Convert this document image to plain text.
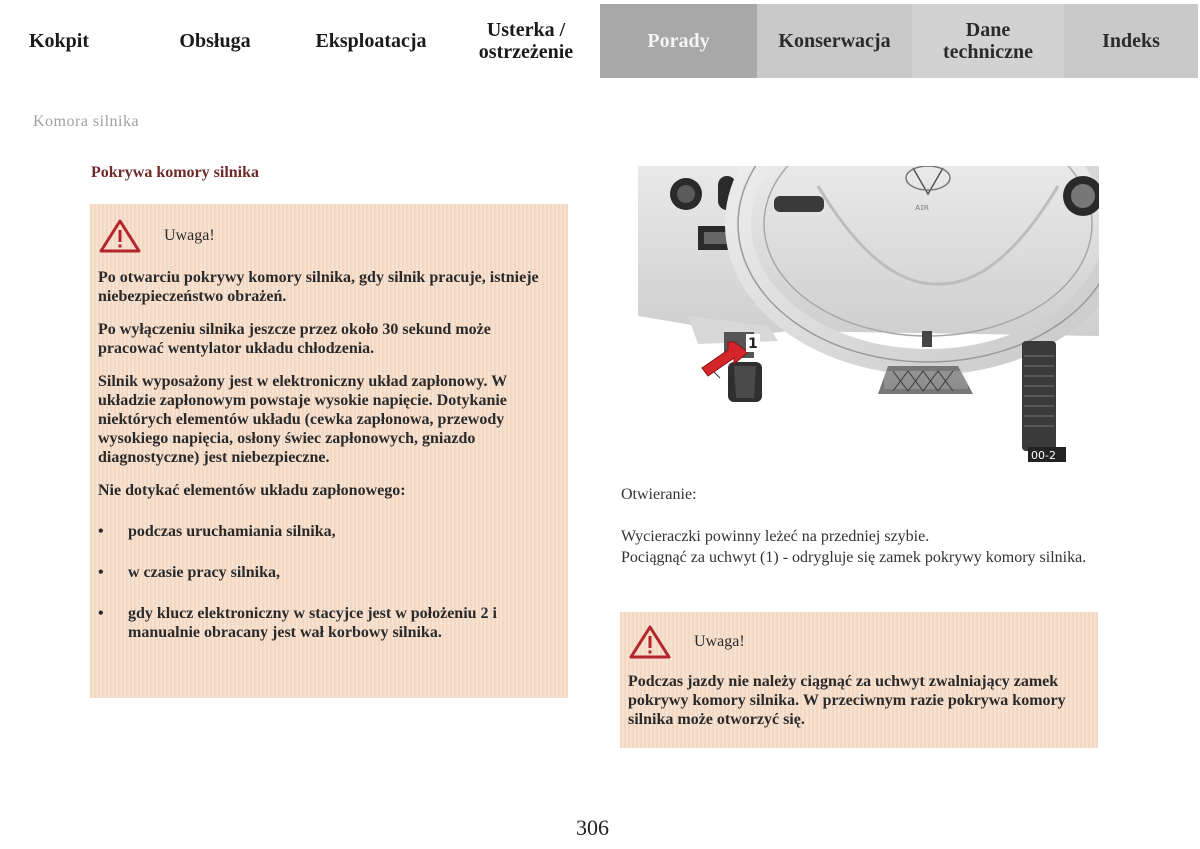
Kokpit	Obsługa	Eksploatacja	Usterka /
ostrzeżenie	Porady	Konserwacja	Dane
techniczne	Indeks
Komora silnika
Pokrywa komory silnika
Uwaga!

Po otwarciu pokrywy komory silnika, gdy silnik pracuje, istnieje niebezpieczeństwo obrażeń.

Po wyłączeniu silnika jeszcze przez około 30 sekund może pracować wentylator układu chłodzenia.

Silnik wyposażony jest w elektroniczny układ zapłonowy. W układzie zapłonowym powstaje wysokie napięcie. Dotykanie niektórych elementów układu (cewka zapłonowa, przewody wysokiego napięcia, osłony świec zapłonowych, gniazdo diagnostyczne) jest niebezpieczne.

Nie dotykać elementów układu zapłonowego:

•	podczas uruchamiania silnika,
•	w czasie pracy silnika,
•	gdy klucz elektroniczny w stacyjce jest w położeniu 2 i manualnie obracany jest wał korbowy silnika.
ᴀɪʀ
1
00-2
Otwieranie:
Wycieraczki powinny leżeć na przedniej szybie.
Pociągnąć za uchwyt (1) - odrygluje się zamek pokrywy komory silnika.
Uwaga!

Podczas jazdy nie należy ciągnąć za uchwyt zwalniający zamek pokrywy komory silnika. W przeciwnym razie pokrywa komory silnika może otworzyć się.

306
